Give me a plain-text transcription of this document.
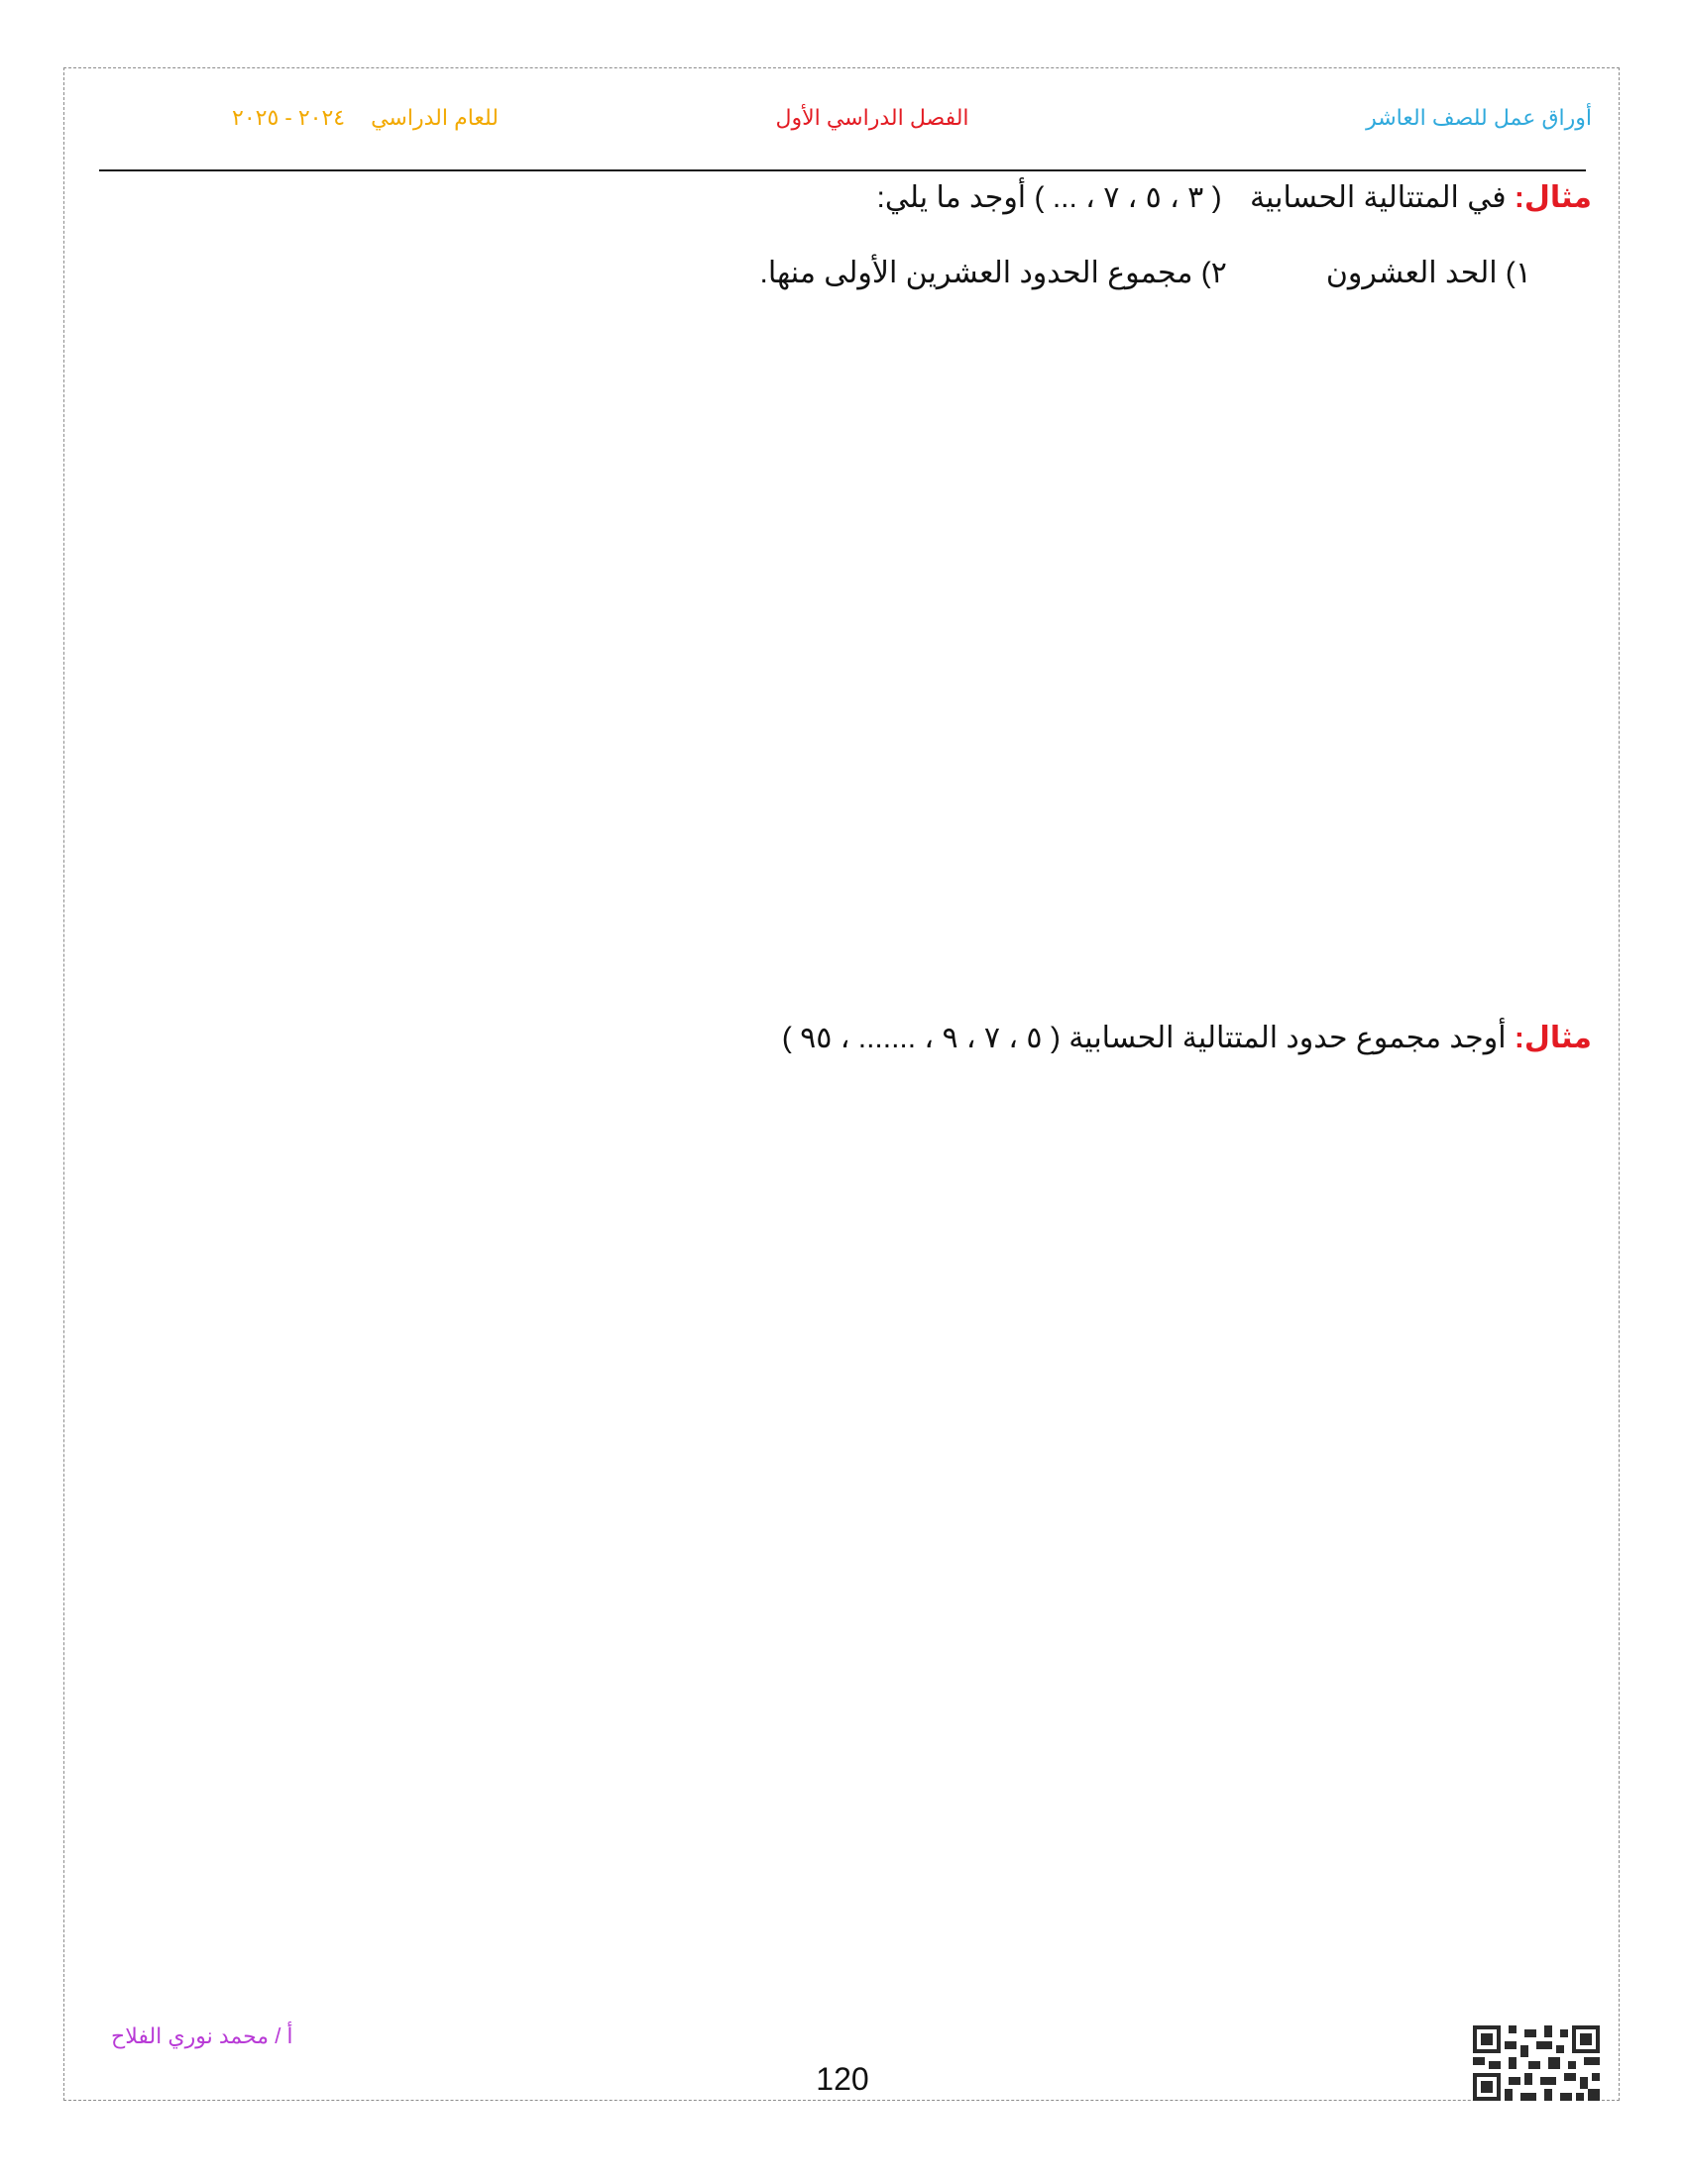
أوراق عمل للصف العاشر
الفصل الدراسي الأول
للعام الدراسي٢٠٢٤ - ٢٠٢٥
مثال: في المتتالية الحسابية ( ٣ ، ٥ ، ٧ ، ... ) أوجد ما يلي:
١) الحد العشرون٢) مجموع الحدود العشرين الأولى منها.
مثال: أوجد مجموع حدود المتتالية الحسابية ( ٥ ، ٧ ، ٩ ، ....... ، ٩٥ )
أ / محمد نوري الفلاح
120
